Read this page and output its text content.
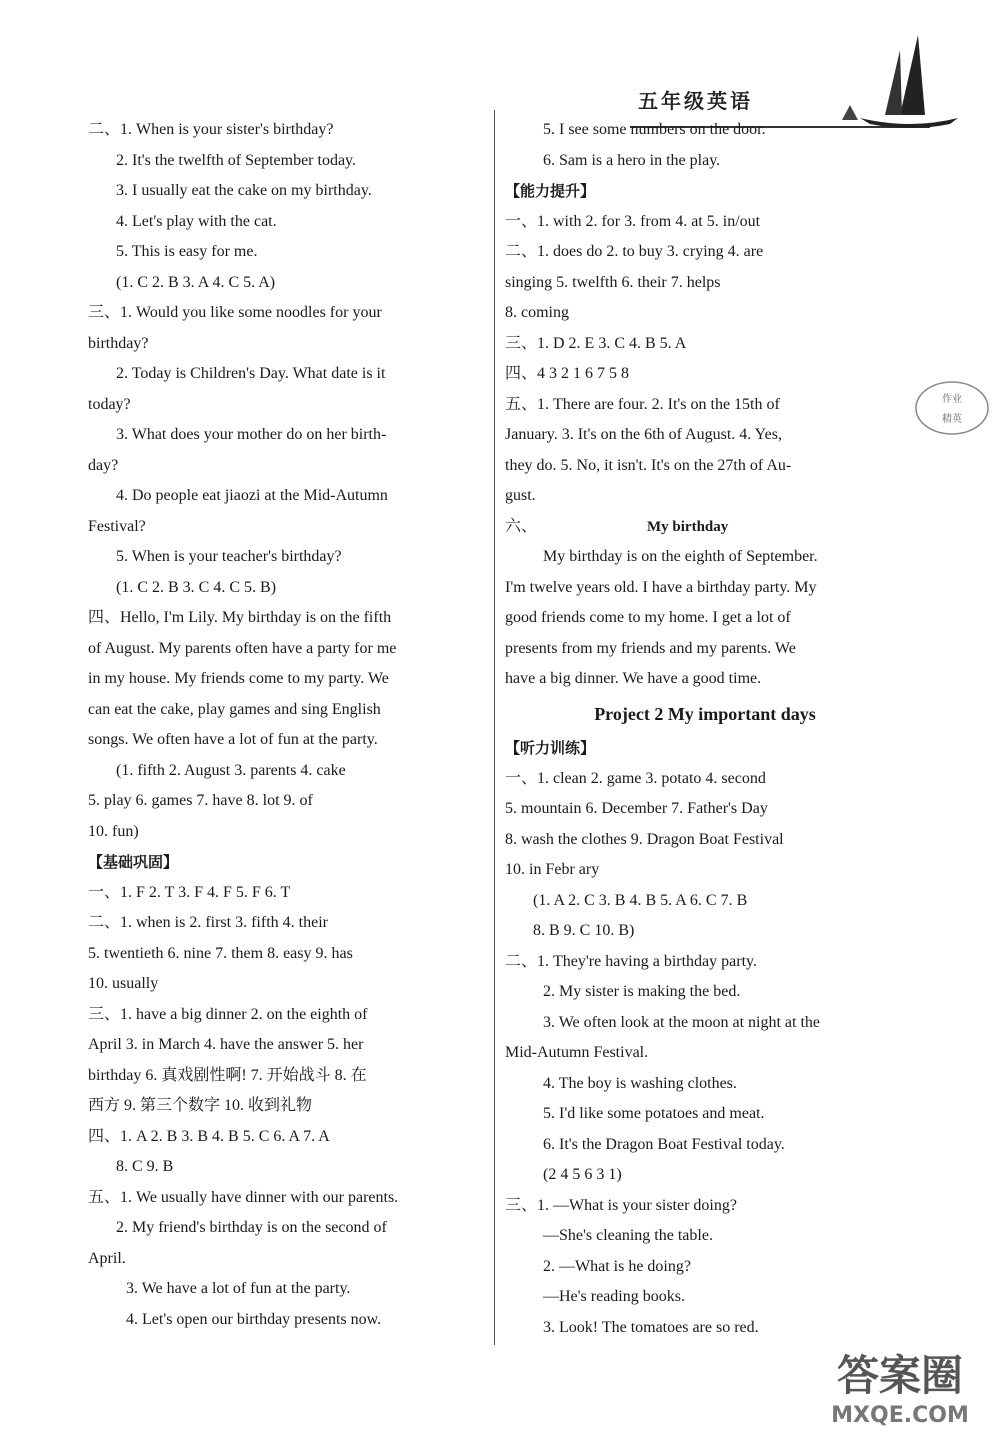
五年级英语
二、1. When is your sister's birthday?
2. It's the twelfth of September today.
3. I usually eat the cake on my birthday.
4. Let's play with the cat.
5. This is easy for me.
(1. C 2. B 3. A 4. C 5. A)
三、1. Would you like some noodles for your
birthday?
2. Today is Children's Day. What date is it
today?
3. What does your mother do on her birth-
day?
4. Do people eat jiaozi at the Mid-Autumn
Festival?
5. When is your teacher's birthday?
(1. C 2. B 3. C 4. C 5. B)
四、Hello, I'm Lily. My birthday is on the fifth
of August. My parents often have a party for me
in my house. My friends come to my party. We
can eat the cake, play games and sing English
songs. We often have a lot of fun at the party.
(1. fifth 2. August 3. parents 4. cake
5. play 6. games 7. have 8. lot 9. of
10. fun)
【基础巩固】
一、1. F 2. T 3. F 4. F 5. F 6. T
二、1. when is 2. first 3. fifth 4. their
5. twentieth 6. nine 7. them 8. easy 9. has
10. usually
三、1. have a big dinner 2. on the eighth of
April 3. in March 4. have the answer 5. her
birthday 6. 真戏剧性啊! 7. 开始战斗 8. 在
西方 9. 第三个数字 10. 收到礼物
四、1. A 2. B 3. B 4. B 5. C 6. A 7. A
8. C 9. B
五、1. We usually have dinner with our parents.
2. My friend's birthday is on the second of
April.
3. We have a lot of fun at the party.
4. Let's open our birthday presents now.
5. I see some numbers on the door.
6. Sam is a hero in the play.
【能力提升】
一、1. with 2. for 3. from 4. at 5. in/out
二、1. does do 2. to buy 3. crying 4. are
singing 5. twelfth 6. their 7. helps
8. coming
三、1. D 2. E 3. C 4. B 5. A
四、4 3 2 1 6 7 5 8
五、1. There are four. 2. It's on the 15th of
January. 3. It's on the 6th of August. 4. Yes,
they do. 5. No, it isn't. It's on the 27th of Au-
gust.
六、	My birthday
My birthday is on the eighth of September.
I'm twelve years old. I have a birthday party. My
good friends come to my home. I get a lot of
presents from my friends and my parents. We
have a big dinner. We have a good time.
Project 2 My important days
【听力训练】
一、1. clean 2. game 3. potato 4. second
5. mountain 6. December 7. Father's Day
8. wash the clothes 9. Dragon Boat Festival
10. in Febr ary
(1. A 2. C 3. B 4. B 5. A 6. C 7. B
8. B 9. C 10. B)
二、1. They're having a birthday party.
2. My sister is making the bed.
3. We often look at the moon at night at the
Mid-Autumn Festival.
4. The boy is washing clothes.
5. I'd like some potatoes and meat.
6. It's the Dragon Boat Festival today.
(2 4 5 6 3 1)
三、1. —What is your sister doing?
—She's cleaning the table.
2. —What is he doing?
—He's reading books.
3. Look! The tomatoes are so red.
作业
精英
答案圈
MXQE.COM
